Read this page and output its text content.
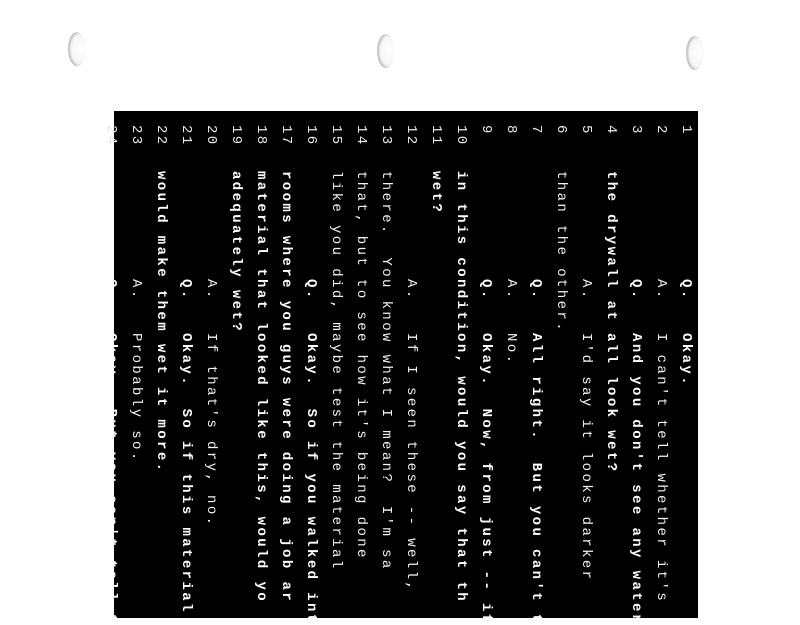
1
Q.   Okay.
2
A.   I can't tell whether it's
3
Q.   And you don't see any water
4
the drywall at all look wet?
5
A.   I'd say it looks darker
6
than the other.
7
Q.   All right.  But you can't t
8
A.   No.
9
Q.   Okay.  Now, from just -- if
10
in this condition, would you say that th
11
wet?
12
A.   If I seen these -- well,
13
there.  You know what I mean?  I'm sa
14
that, but to see how it's being done
15
like you did, maybe test the material
16
Q.   Okay.  So if you walked int
17
rooms where you guys were doing a job ar
18
material that looked like this, would yo
19
adequately wet?
20
A.   If that's dry, no.
21
Q.   Okay.  So if this material
22
would make them wet it more.
23
A.   Probably so.
24
Q.   Okay.  But you can't tell t
